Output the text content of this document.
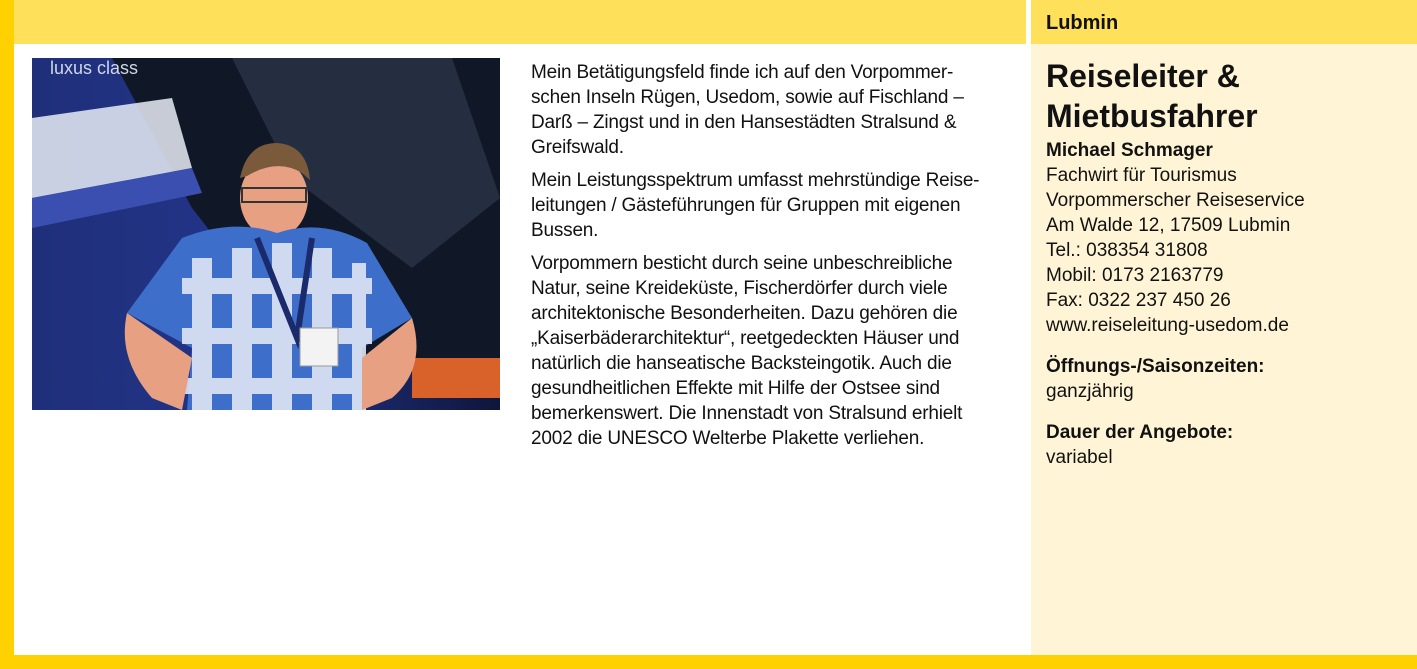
luxus class	Mein Betätigungsfeld finde ich auf den Vorpommer-schen Inseln Rügen, Usedom, sowie auf Fischland – Darß – Zingst und in den Hansestädten Stralsund & Greifswald.

Mein Leistungsspektrum umfasst mehrstündige Reise-leitungen / Gästeführungen für Gruppen mit eigenen Bussen.

Vorpommern besticht durch seine unbeschreibliche Natur, seine Kreideküste, Fischerdörfer durch viele architektonische Besonderheiten. Dazu gehören die „Kaiserbäderarchitektur“, reetgedeckten Häuser und natürlich die hanseatische Backsteingotik. Auch die gesundheitlichen Effekte mit Hilfe der Ostsee sind bemerkenswert. Die Innenstadt von Stralsund erhielt 2002 die UNESCO Welterbe Plakette verliehen.

Lubmin
Reiseleiter &
Mietbusfahrer
Michael Schmager
Fachwirt für Tourismus
Vorpommerscher Reiseservice
Am Walde 12, 17509 Lubmin
Tel.: 038354 31808
Mobil: 0173 2163779
Fax: 0322 237 450 26
www.reiseleitung-usedom.de
Öffnungs-/Saisonzeiten:
ganzjährig
Dauer der Angebote:
variabel
